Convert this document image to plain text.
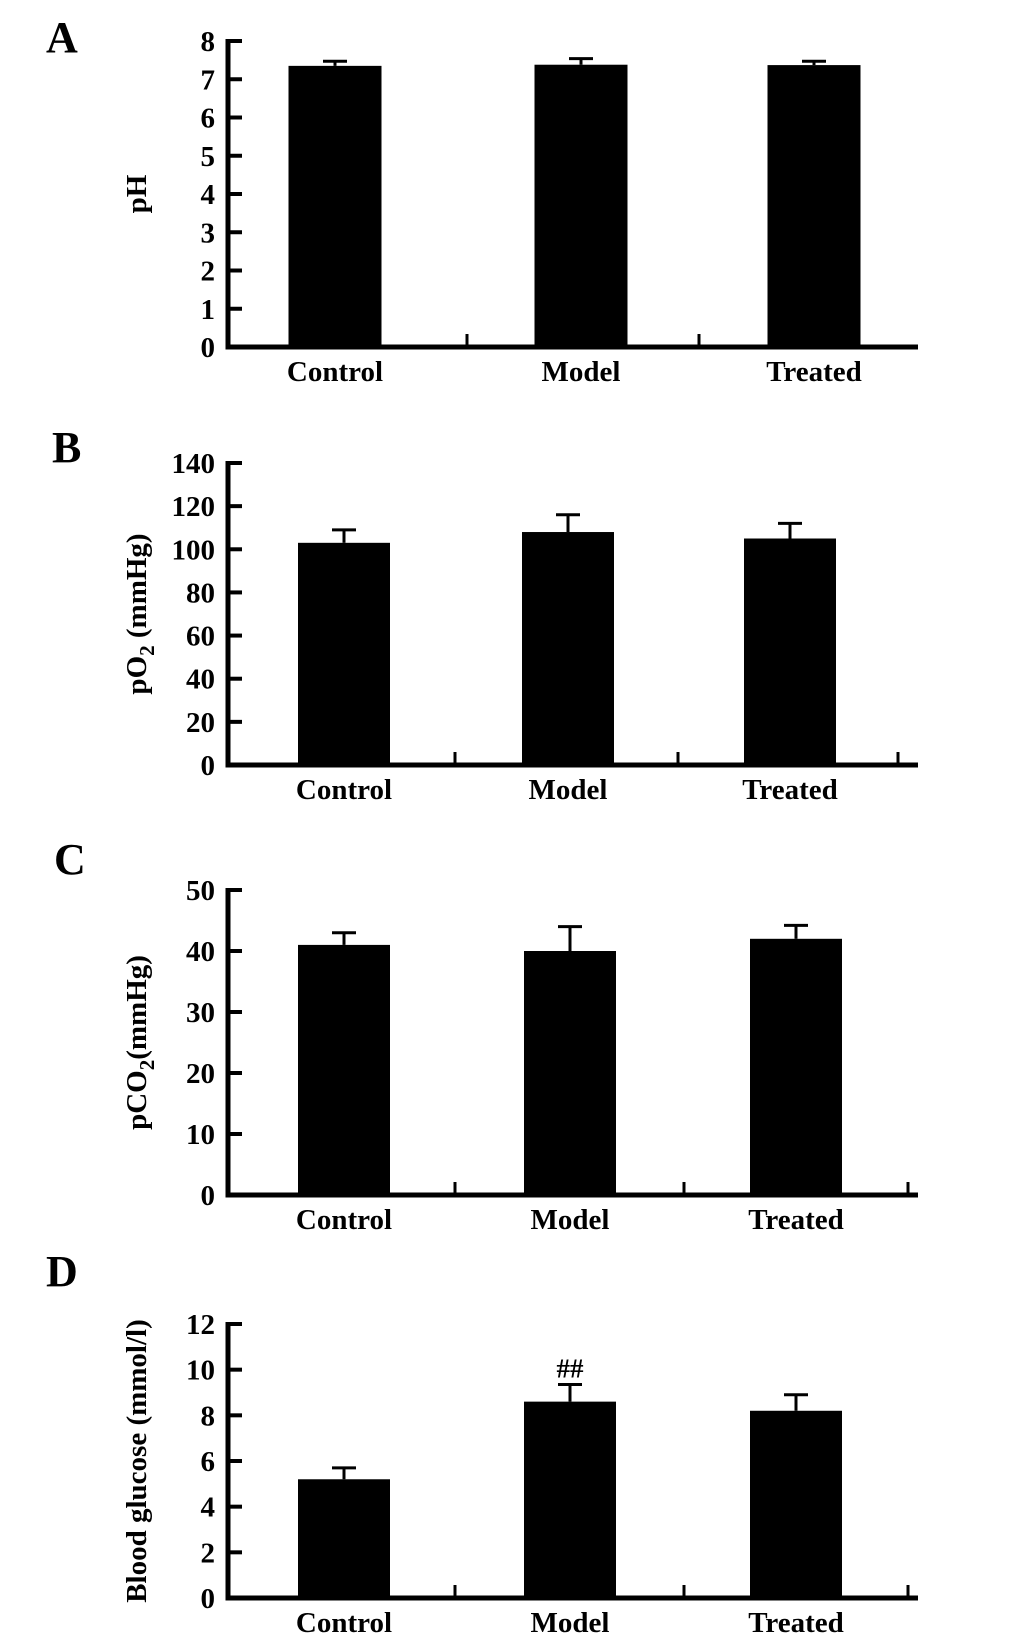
A
0
1
2
3
4
5
6
7
8
Control	Model	Treated
pH
B
0
20
40
60
80
100
120
140
Control	Model	Treated
$pO_2$ (mmHg)
C
0
10
20
30
40
50
Control	Model	Treated
pCO$_2$(mmHg)
D
0
2
4
6
8
10
12
Control	Model	Treated
Blood glucose (mmol/l)	##
